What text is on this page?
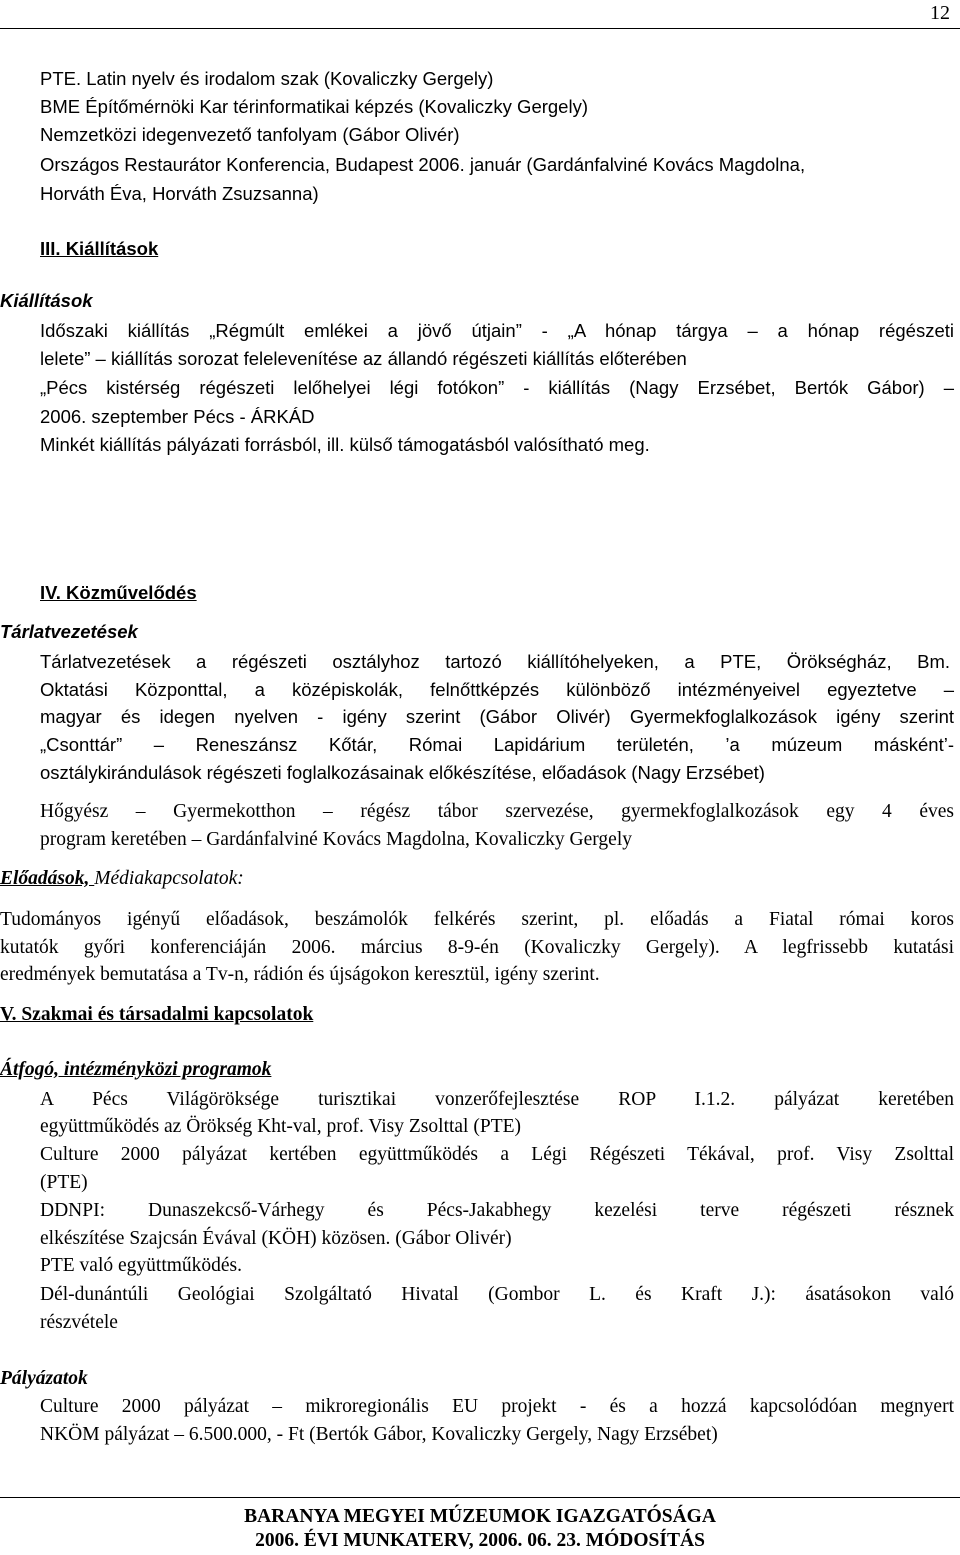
12
PTE. Latin nyelv és irodalom szak (Kovaliczky Gergely)
BME Építőmérnöki Kar térinformatikai képzés (Kovaliczky Gergely)
Nemzetközi idegenvezető tanfolyam (Gábor Olivér)
Országos Restaurátor Konferencia, Budapest 2006. január (Gardánfalviné Kovács Magdolna,
Horváth Éva, Horváth Zsuzsanna)
III. Kiállítások
Kiállítások
Időszaki kiállítás „Régmúlt emlékei a jövő útjain” - „A hónap tárgya – a hónap régészeti
lelete” – kiállítás sorozat felelevenítése az állandó régészeti kiállítás előterében
„Pécs kistérség régészeti lelőhelyei légi fotókon” - kiállítás (Nagy Erzsébet, Bertók Gábor) –
2006. szeptember Pécs - ÁRKÁD
Minkét kiállítás pályázati forrásból, ill. külső támogatásból valósítható meg.
IV. Közművelődés
Tárlatvezetések
Tárlatvezetések a régészeti osztályhoz tartozó kiállítóhelyeken, a PTE, Örökségház, Bm.
Oktatási Központtal, a középiskolák, felnőttképzés különböző intézményeivel egyeztetve –
magyar és idegen nyelven - igény szerint (Gábor Olivér) Gyermekfoglalkozások igény szerint
„Csonttár” – Reneszánsz Kőtár, Római Lapidárium területén, ’a múzeum másként’-
osztálykirándulások régészeti foglalkozásainak előkészítése, előadások (Nagy Erzsébet)
Hőgyész – Gyermekotthon – régész tábor szervezése, gyermekfoglalkozások egy 4 éves
program keretében – Gardánfalviné Kovács Magdolna, Kovaliczky Gergely
Előadások, Médiakapcsolatok:
Tudományos igényű előadások, beszámolók felkérés szerint, pl. előadás a Fiatal római koros
kutatók győri konferenciáján 2006. március 8-9-én (Kovaliczky Gergely). A legfrissebb kutatási
eredmények bemutatása a Tv-n, rádión és újságokon keresztül, igény szerint.
V. Szakmai és társadalmi kapcsolatok
Átfogó, intézményközi programok
A Pécs Világöröksége turisztikai vonzerőfejlesztése ROP I.1.2. pályázat keretében
együttműködés az Örökség Kht-val, prof. Visy Zsolttal (PTE)
Culture 2000 pályázat kertében együttműködés a Légi Régészeti Tékával, prof. Visy Zsolttal
(PTE)
DDNPI: Dunaszekcső-Várhegy és Pécs-Jakabhegy kezelési terve régészeti résznek
elkészítése Szajcsán Évával (KÖH) közösen. (Gábor Olivér)
PTE való együttműködés.
Dél-dunántúli Geológiai Szolgáltató Hivatal (Gombor L. és Kraft J.): ásatásokon való
részvétele
Pályázatok
Culture 2000 pályázat – mikroregionális EU projekt - és a hozzá kapcsolódóan megnyert
NKÖM pályázat – 6.500.000, - Ft (Bertók Gábor, Kovaliczky Gergely, Nagy Erzsébet)
BARANYA MEGYEI MÚZEUMOK IGAZGATÓSÁGA
2006. ÉVI MUNKATERV, 2006. 06. 23. MÓDOSÍTÁS
